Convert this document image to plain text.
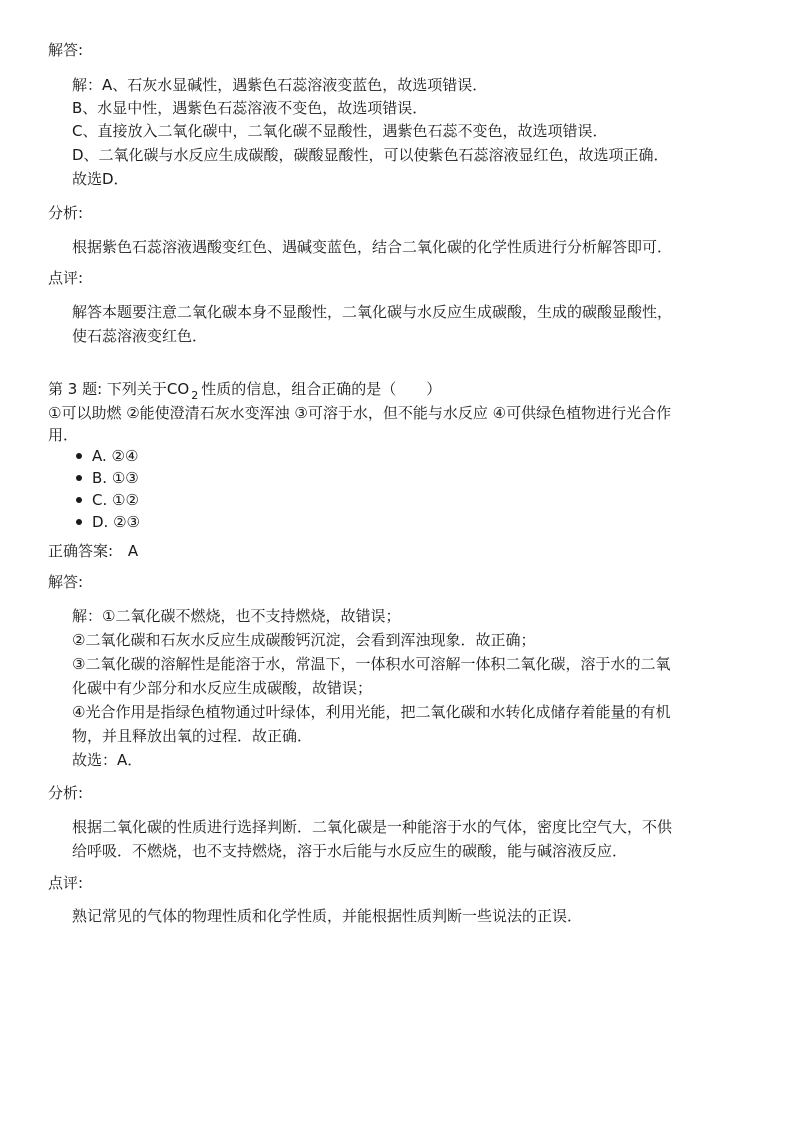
解答:
解：A、石灰水显碱性，遇紫色石蕊溶液变蓝色，故选项错误．
B、水显中性，遇紫色石蕊溶液不变色，故选项错误．
C、直接放入二氧化碳中，二氧化碳不显酸性，遇紫色石蕊不变色，故选项错误．
D、二氧化碳与水反应生成碳酸，碳酸显酸性，可以使紫色石蕊溶液显红色，故选项正确．
故选D．
分析:
根据紫色石蕊溶液遇酸变红色、遇碱变蓝色，结合二氧化碳的化学性质进行分析解答即可．
点评:
解答本题要注意二氧化碳本身不显酸性，二氧化碳与水反应生成碳酸，生成的碳酸显酸性，
使石蕊溶液变红色．
第 3 题: 下列关于CO $_2$ 性质的信息，组合正确的是（　　）
①可以助燃 ②能使澄清石灰水变浑浊 ③可溶于水，但不能与水反应 ④可供绿色植物进行光合作
用．
A. ②④
B. ①③
C. ①②
D. ②③
正确答案: A
解答:
解：①二氧化碳不燃烧，也不支持燃烧，故错误；
②二氧化碳和石灰水反应生成碳酸钙沉淀，会看到浑浊现象．故正确；
③二氧化碳的溶解性是能溶于水，常温下，一体积水可溶解一体积二氧化碳，溶于水的二氧
化碳中有少部分和水反应生成碳酸，故错误；
④光合作用是指绿色植物通过叶绿体，利用光能，把二氧化碳和水转化成储存着能量的有机
物，并且释放出氧的过程．故正确．
故选：A．
分析:
根据二氧化碳的性质进行选择判断．二氧化碳是一种能溶于水的气体，密度比空气大，不供
给呼吸．不燃烧，也不支持燃烧，溶于水后能与水反应生的碳酸，能与碱溶液反应．
点评:
熟记常见的气体的物理性质和化学性质，并能根据性质判断一些说法的正误．
